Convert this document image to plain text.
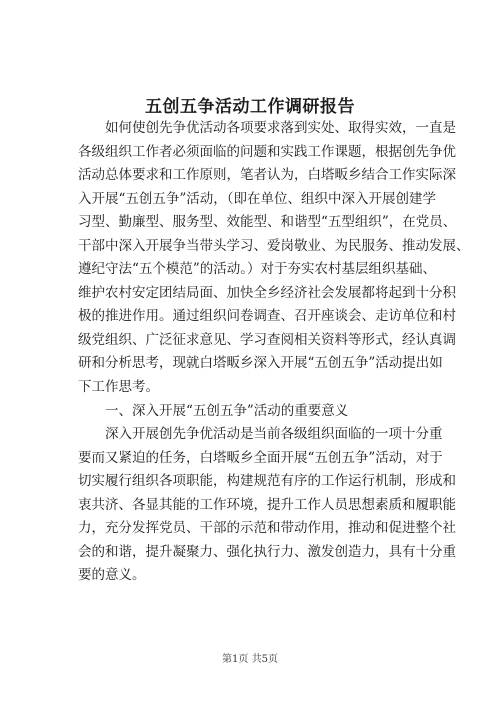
五创五争活动工作调研报告
如何使创先争优活动各项要求落到实处、取得实效，一直是
各级组织工作者必须面临的问题和实践工作课题，根据创先争优
活动总体要求和工作原则，笔者认为，白塔畈乡结合工作实际深
入开展“五创五争”活动，（即在单位、组织中深入开展创建学
习型、勤廉型、服务型、效能型、和谐型“五型组织”，在党员、
干部中深入开展争当带头学习、爱岗敬业、为民服务、推动发展、
遵纪守法“五个模范”的活动。）对于夯实农村基层组织基础、
维护农村安定团结局面、加快全乡经济社会发展都将起到十分积
极的推进作用。通过组织问卷调查、召开座谈会、走访单位和村
级党组织、广泛征求意见、学习查阅相关资料等形式，经认真调
研和分析思考，现就白塔畈乡深入开展“五创五争”活动提出如
下工作思考。
一、深入开展“五创五争”活动的重要意义
深入开展创先争优活动是当前各级组织面临的一项十分重
要而又紧迫的任务，白塔畈乡全面开展“五创五争”活动，对于
切实履行组织各项职能，构建规范有序的工作运行机制，形成和
衷共济、各显其能的工作环境，提升工作人员思想素质和履职能
力，充分发挥党员、干部的示范和带动作用，推动和促进整个社
会的和谐，提升凝聚力、强化执行力、激发创造力，具有十分重
要的意义。
第1页 共5页
